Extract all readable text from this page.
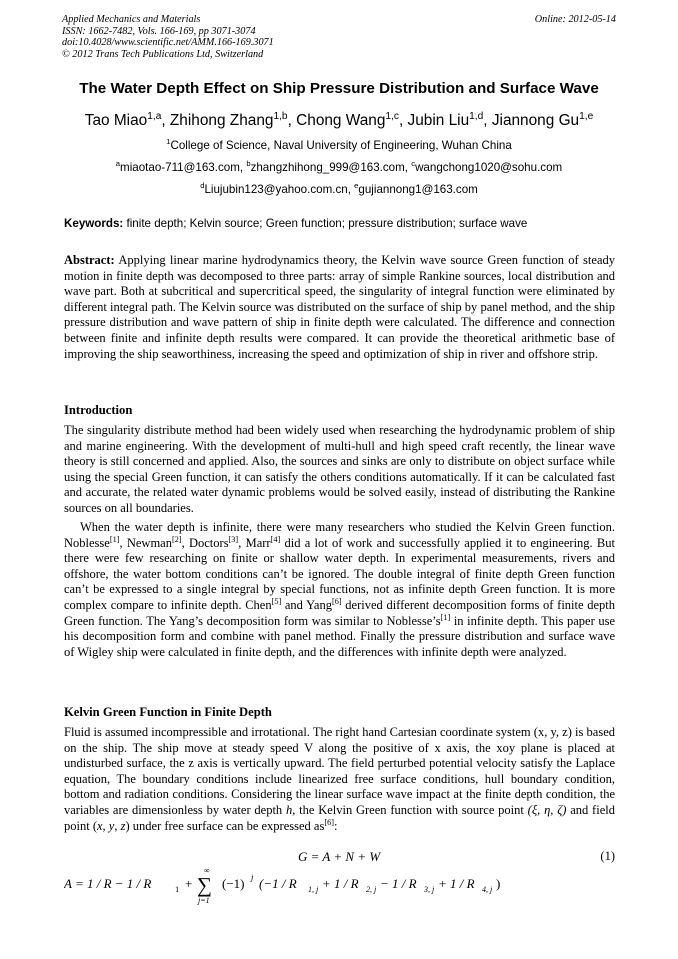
Applied Mechanics and Materials
ISSN: 1662-7482, Vols. 166-169, pp 3071-3074
doi:10.4028/www.scientific.net/AMM.166-169.3071
© 2012 Trans Tech Publications Ltd, Switzerland
Online: 2012-05-14
The Water Depth Effect on Ship Pressure Distribution and Surface Wave
Tao Miao$^{1,a}$, Zhihong Zhang$^{1,b}$, Chong Wang$^{1,c}$, Jubin Liu$^{1,d}$, Jiannong Gu$^{1,e}$
$^1$College of Science, Naval University of Engineering, Wuhan China
$^a$miaotao-711@163.com, $^b$zhangzhihong_999@163.com, $^c$wangchong1020@sohu.com
$^d$Liujubin123@yahoo.com.cn, $^e$gujiannong1@163.com
Keywords: finite depth; Kelvin source; Green function; pressure distribution; surface wave
Abstract: Applying linear marine hydrodynamics theory, the Kelvin wave source Green function of steady motion in finite depth was decomposed to three parts: array of simple Rankine sources, local distribution and wave part. Both at subcritical and supercritical speed, the singularity of integral function were eliminated by different integral path. The Kelvin source was distributed on the surface of ship by panel method, and the ship pressure distribution and wave pattern of ship in finite depth were calculated. The difference and connection between finite and infinite depth results were compared. It can provide the theoretical arithmetic base of improving the ship seaworthiness, increasing the speed and optimization of ship in river and offshore strip.
Introduction
The singularity distribute method had been widely used when researching the hydrodynamic problem of ship and marine engineering. With the development of multi-hull and high speed craft recently, the linear wave theory is still concerned and applied. Also, the sources and sinks are only to distribute on object surface while using the special Green function, it can satisfy the others conditions automatically. If it can be calculated fast and accurate, the related water dynamic problems would be solved easily, instead of distributing the Rankine sources on all boundaries.
When the water depth is infinite, there were many researchers who studied the Kelvin Green function. Noblesse[1], Newman[2], Doctors[3], Marr[4] did a lot of work and successfully applied it to engineering. But there were few researching on finite or shallow water depth. In experimental measurements, rivers and offshore, the water bottom conditions can’t be ignored. The double integral of finite depth Green function can’t be expressed to a single integral by special functions, not as infinite depth Green function. It is more complex compare to infinite depth. Chen[5] and Yang[6] derived different decomposition forms of finite depth Green function. The Yang’s decomposition form was similar to Noblesse’s[1] in infinite depth. This paper use his decomposition form and combine with panel method. Finally the pressure distribution and surface wave of Wigley ship were calculated in finite depth, and the differences with infinite depth were analyzed.
Kelvin Green Function in Finite Depth
Fluid is assumed incompressible and irrotational. The right hand Cartesian coordinate system (x, y, z) is based on the ship. The ship move at steady speed V along the positive of x axis, the xoy plane is placed at undisturbed surface, the z axis is vertically upward. The field perturbed potential velocity satisfy the Laplace equation, The boundary conditions include linearized free surface conditions, hull boundary condition, bottom and radiation conditions. Considering the linear surface wave impact at the finite depth condition, the variables are dimensionless by water depth h, the Kelvin Green function with source point (ξ, η, ζ) and field point (x, y, z) under free surface can be expressed as[6]:
G = A + N + W	(1)
A = 1 / R − 1 / R	1 +
∞
∑
j=1
(−1) j (−1 / R 1, j + 1 / R 2, j − 1 / R 3, j + 1 / R 4, j )
